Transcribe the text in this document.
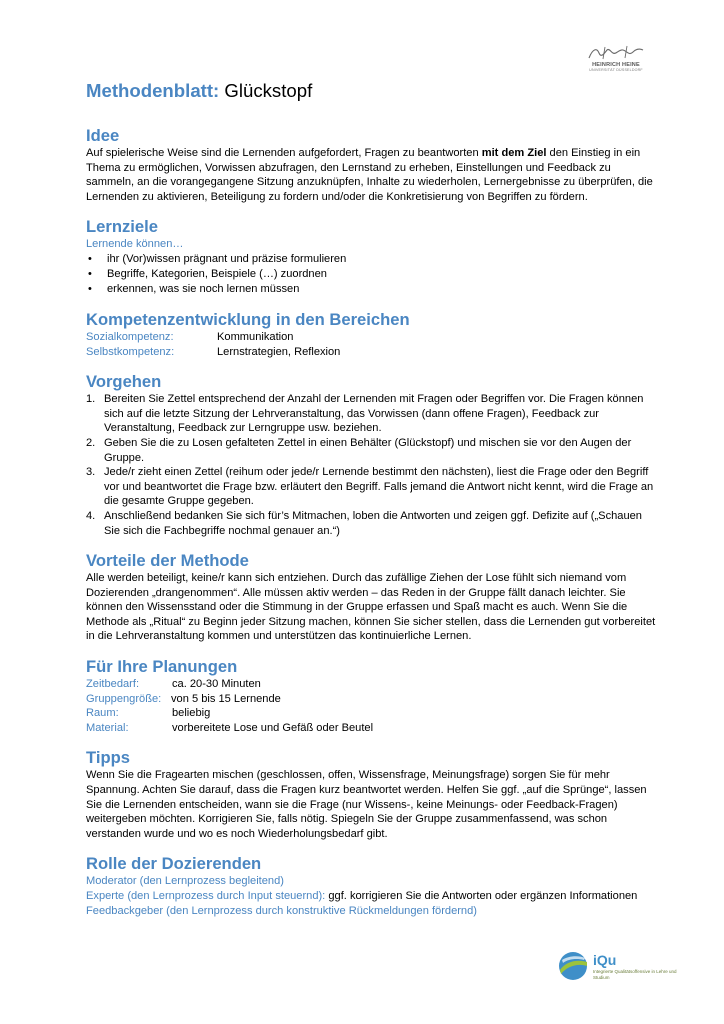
HEINRICH HEINE
UNIVERSITÄT DÜSSELDORF
Methodenblatt: Glückstopf
Idee

Auf spielerische Weise sind die Lernenden aufgefordert, Fragen zu beantworten mit dem Ziel den Einstieg in ein Thema zu ermöglichen, Vorwissen abzufragen, den Lernstand zu erheben, Einstellungen und Feedback zu sammeln, an die vorangegangene Sitzung anzuknüpfen, Inhalte zu wiederholen, Lernergebnisse zu überprüfen, die Lernenden zu aktivieren, Beteiligung zu fordern und/oder die Konkretisierung von Begriffen zu fördern.

Lernziele
Lernende können…
• ihr (Vor)wissen prägnant und präzise formulieren
• Begriffe, Kategorien, Beispiele (…) zuordnen
• erkennen, was sie noch lernen müssen
Kompetenzentwicklung in den Bereichen
Sozialkompetenz:	Kommunikation
Selbstkompetenz:	Lernstrategien, Reflexion
Vorgehen
1. Bereiten Sie Zettel entsprechend der Anzahl der Lernenden mit Fragen oder Begriffen vor. Die Fragen können sich auf die letzte Sitzung der Lehrveranstaltung, das Vorwissen (dann offene Fragen), Feedback zur Veranstaltung, Feedback zur Lerngruppe usw. beziehen.
2. Geben Sie die zu Losen gefalteten Zettel in einen Behälter (Glückstopf) und mischen sie vor den Augen der Gruppe.
3. Jede/r zieht einen Zettel (reihum oder jede/r Lernende bestimmt den nächsten), liest die Frage oder den Begriff vor und beantwortet die Frage bzw. erläutert den Begriff. Falls jemand die Antwort nicht kennt, wird die Frage an die gesamte Gruppe gegeben.
4. Anschließend bedanken Sie sich für’s Mitmachen, loben die Antworten und zeigen ggf. Defizite auf („Schauen Sie sich die Fachbegriffe nochmal genauer an.“)
Vorteile der Methode

Alle werden beteiligt, keine/r kann sich entziehen. Durch das zufällige Ziehen der Lose fühlt sich niemand vom Dozierenden „drangenommen“. Alle müssen aktiv werden – das Reden in der Gruppe fällt danach leichter. Sie können den Wissensstand oder die Stimmung in der Gruppe erfassen und Spaß macht es auch. Wenn Sie die Methode als „Ritual“ zu Beginn jeder Sitzung machen, können Sie sicher stellen, dass die Lernenden gut vorbereitet in die Lehrveranstaltung kommen und unterstützen das kontinuierliche Lernen.

Für Ihre Planungen
Zeitbedarf:	ca. 20-30 Minuten
Gruppengröße: von 5 bis 15 Lernende
Raum:	beliebig
Material:	vorbereitete Lose und Gefäß oder Beutel
Tipps

Wenn Sie die Fragearten mischen (geschlossen, offen, Wissensfrage, Meinungsfrage) sorgen Sie für mehr Spannung. Achten Sie darauf, dass die Fragen kurz beantwortet werden. Helfen Sie ggf. „auf die Sprünge“, lassen Sie die Lernenden entscheiden, wann sie die Frage (nur Wissens-, keine Meinungs- oder Feedback-Fragen) weitergeben möchten. Korrigieren Sie, falls nötig. Spiegeln Sie der Gruppe zusammenfassend, was schon verstanden wurde und wo es noch Wiederholungsbedarf gibt.

Rolle der Dozierenden
Moderator (den Lernprozess begleitend)
Experte (den Lernprozess durch Input steuernd): ggf. korrigieren Sie die Antworten oder ergänzen Informationen
Feedbackgeber (den Lernprozess durch konstruktive Rückmeldungen fördernd)
iQu
Integrierte Qualitätsoffensive in Lehre und Studium
